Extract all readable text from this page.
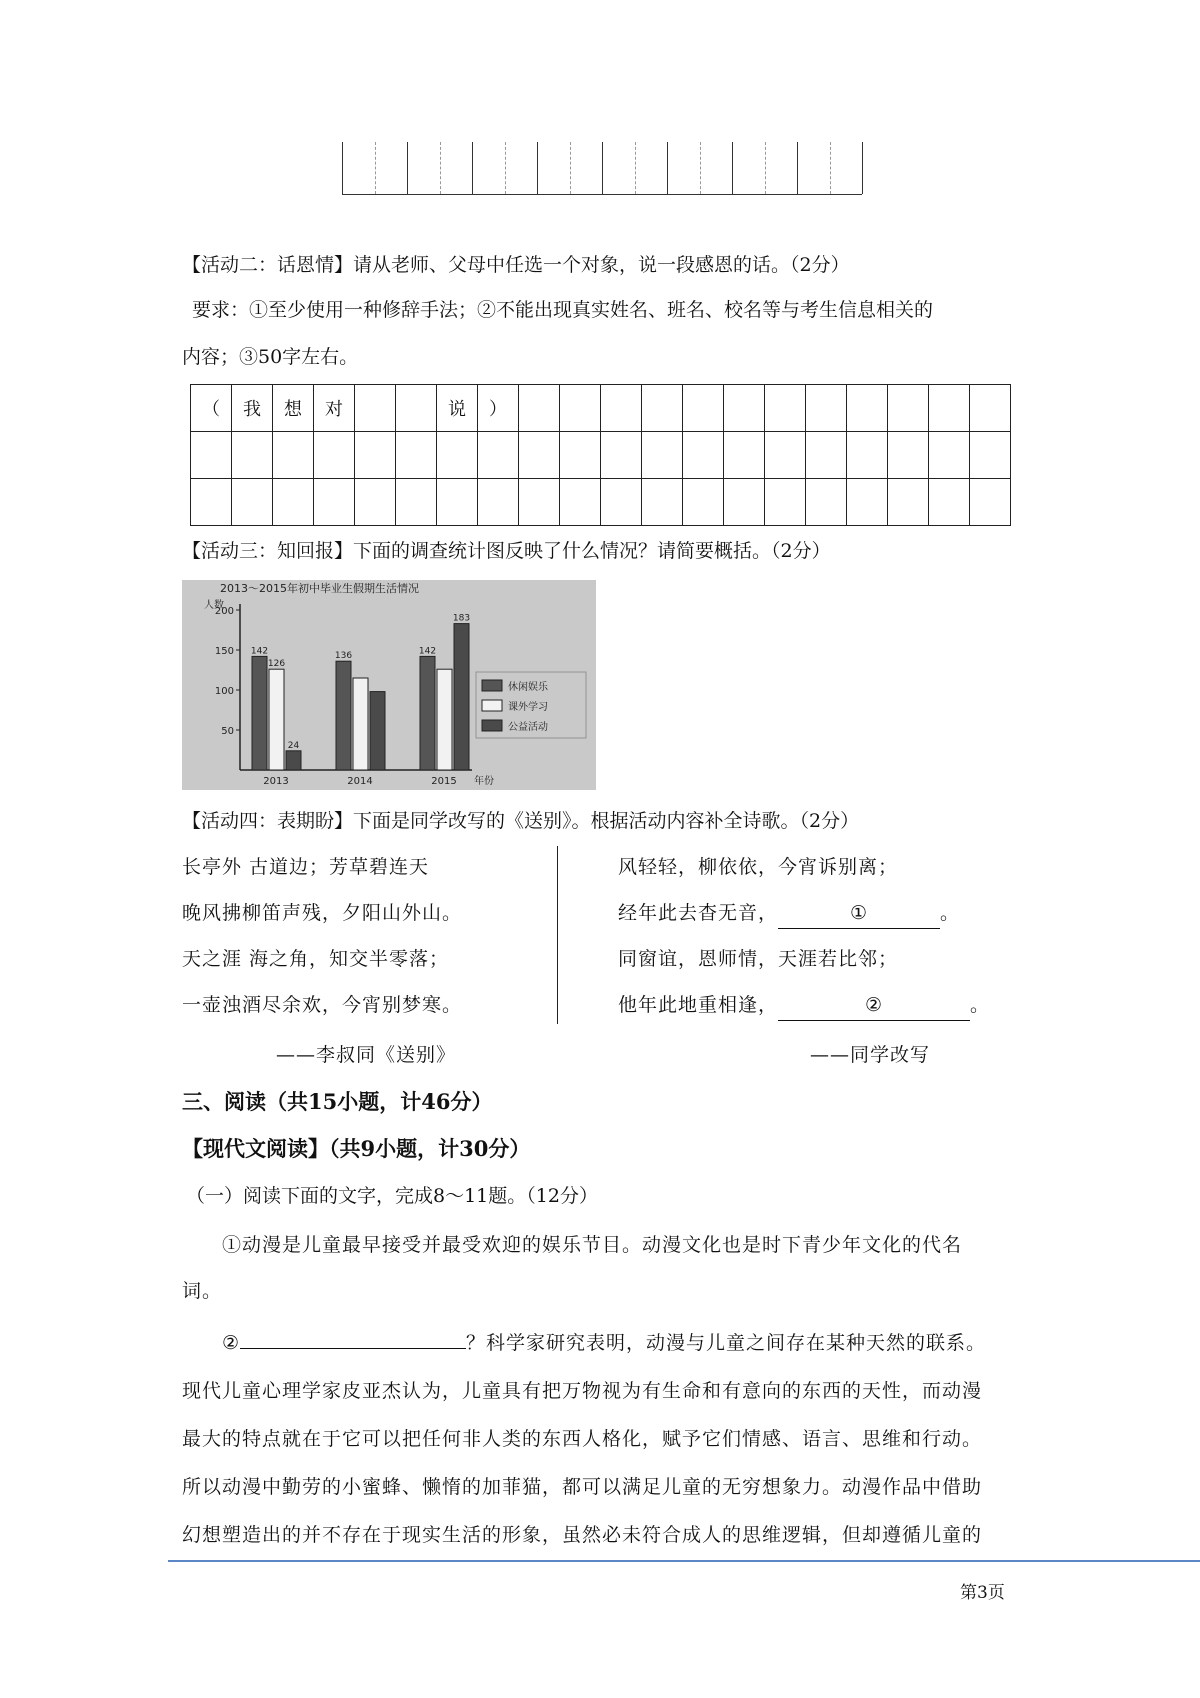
【活动二：话恩情】请从老师、父母中任选一个对象，说一段感恩的话。（2分）
要求：①至少使用一种修辞手法；②不能出现真实姓名、班名、校名等与考生信息相关的
内容；③50字左右。
（	我	想	对			说	）												

【活动三：知回报】下面的调查统计图反映了什么情况？请简要概括。（2分）
2013～2015年初中毕业生假期生活情况
人数
50
100
150
200
142
126
24
2013
136
2014
142
183
2015 年份
休闲娱乐
课外学习
公益活动
【活动四：表期盼】下面是同学改写的《送别》。根据活动内容补全诗歌。（2分）
长亭外 古道边；芳草碧连天
晚风拂柳笛声残，夕阳山外山。
天之涯 海之角，知交半零落；
一壶浊酒尽余欢，今宵别梦寒。
——李叔同《送别》
风轻轻，柳依依，今宵诉别离；
经年此去杳无音，	①	。
同窗谊，恩师情，天涯若比邻；
他年此地重相逢，	②	。
——同学改写
三、阅读（共15小题，计46分）
【现代文阅读】（共9小题，计30分）
（一）阅读下面的文字，完成8～11题。（12分）
①动漫是儿童最早接受并最受欢迎的娱乐节目。动漫文化也是时下青少年文化的代名
词。
②	？科学家研究表明，动漫与儿童之间存在某种天然的联系。
现代儿童心理学家皮亚杰认为，儿童具有把万物视为有生命和有意向的东西的天性，而动漫
最大的特点就在于它可以把任何非人类的东西人格化，赋予它们情感、语言、思维和行动。
所以动漫中勤劳的小蜜蜂、懒惰的加菲猫，都可以满足儿童的无穷想象力。动漫作品中借助
幻想塑造出的并不存在于现实生活的形象，虽然必未符合成人的思维逻辑，但却遵循儿童的
第3页
